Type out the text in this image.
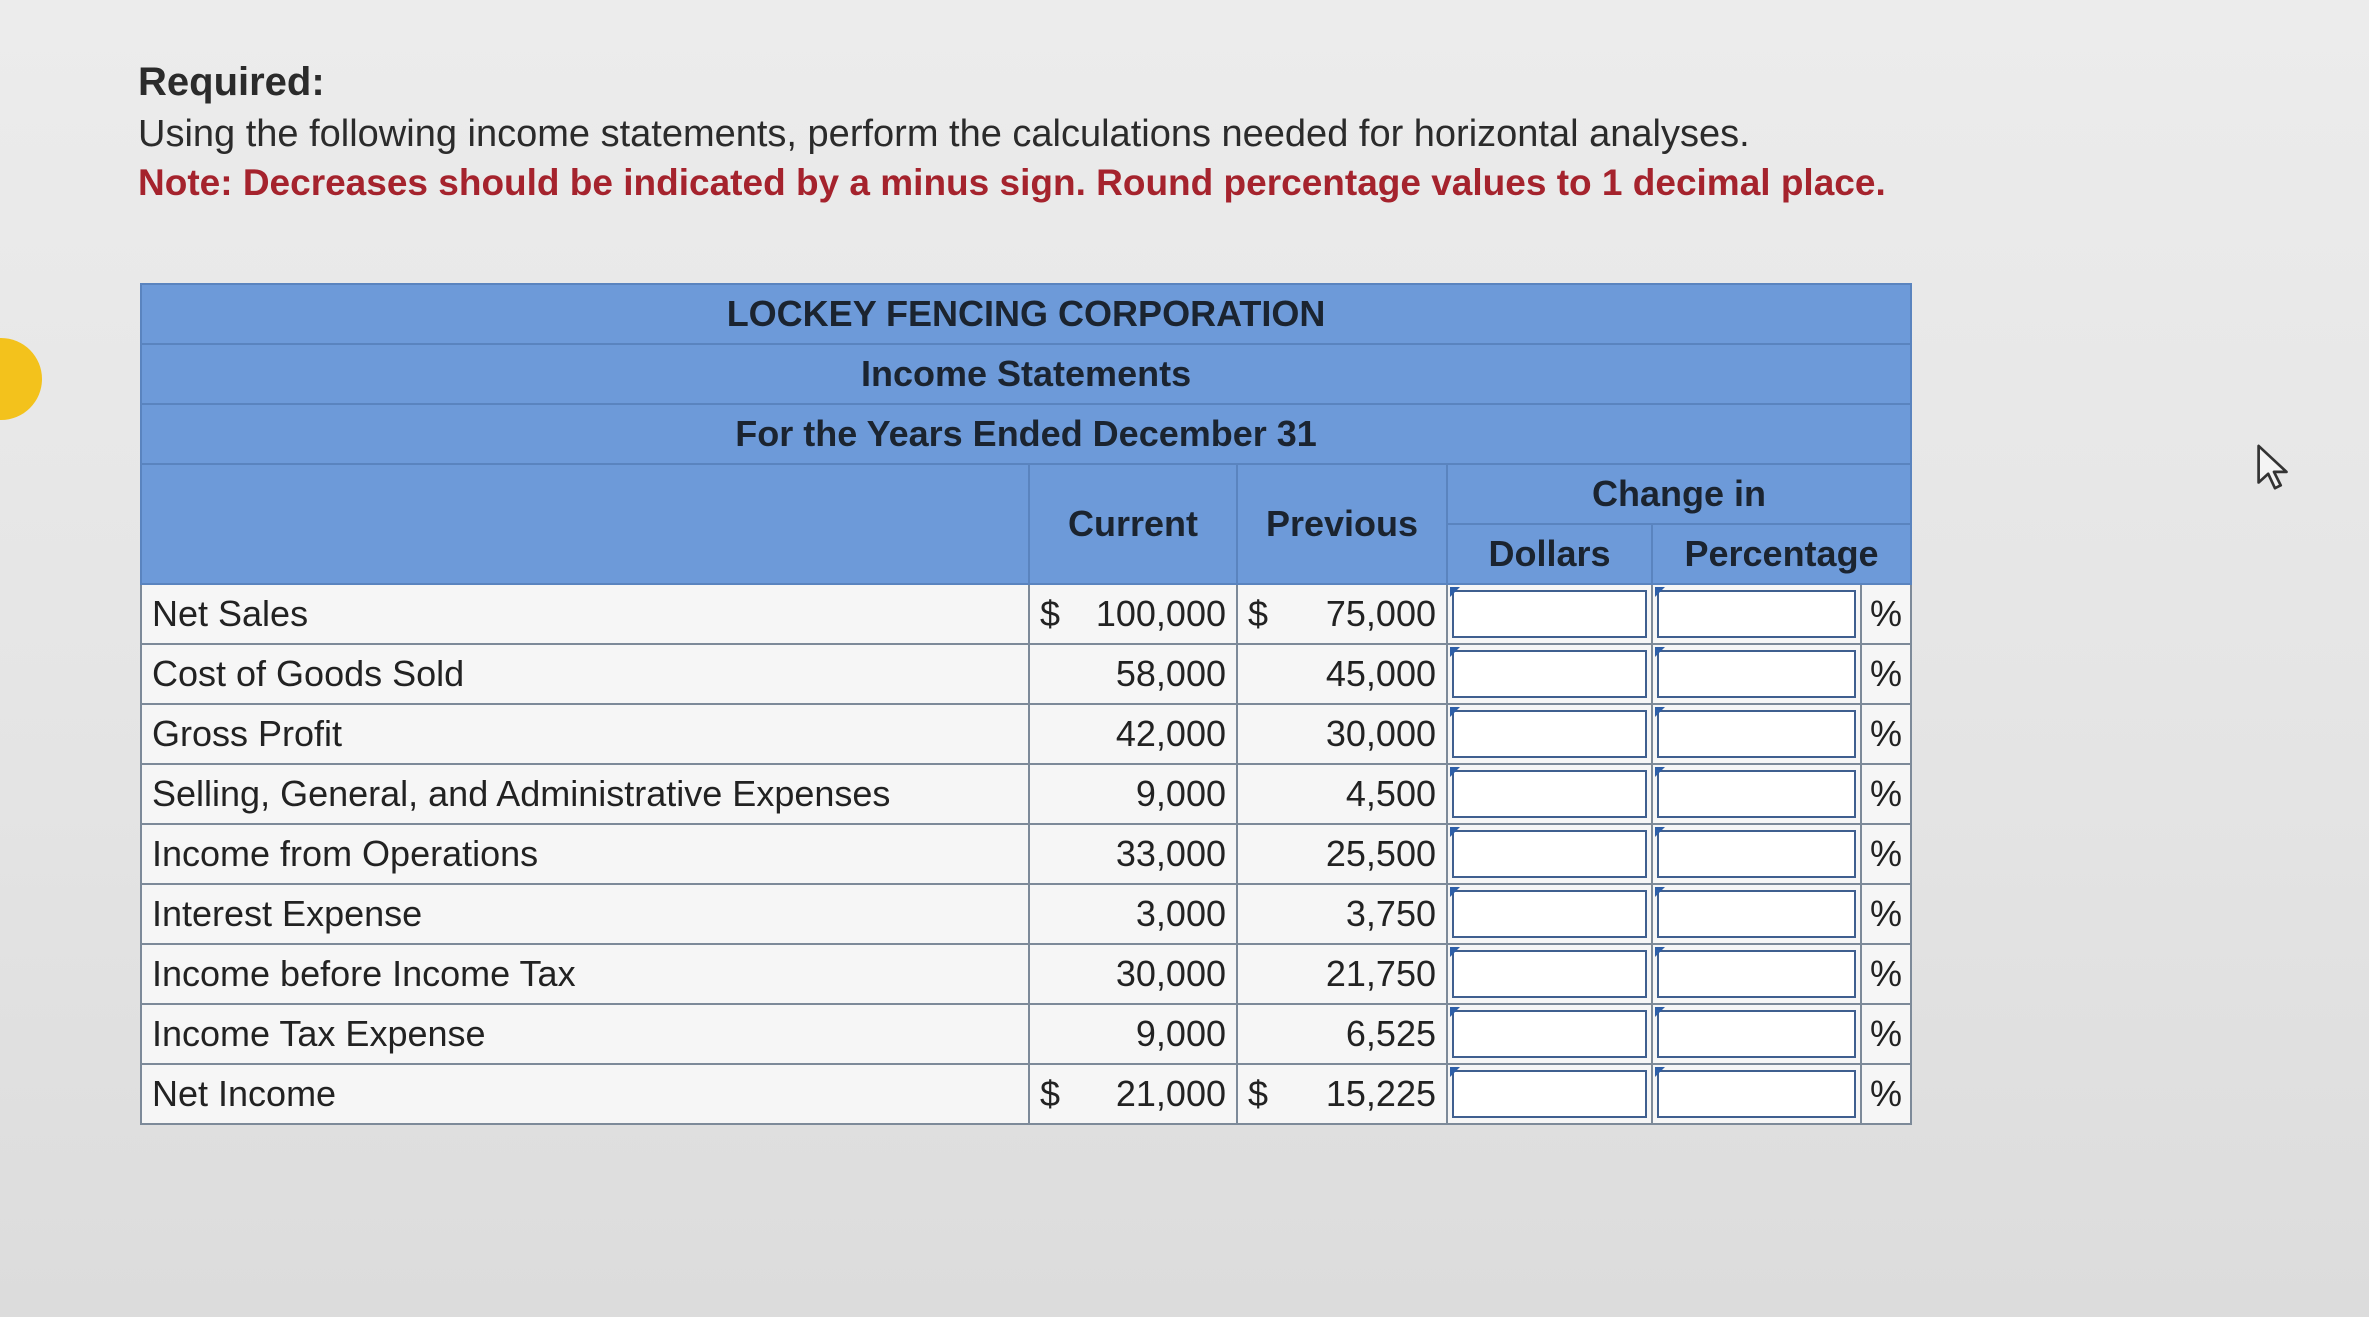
Required:

Using the following income statements, perform the calculations needed for horizontal analyses.

Note: Decreases should be indicated by a minus sign. Round percentage values to 1 decimal place.

LOCKEY FENCING CORPORATION					
Income Statements					
For the Years Ended December 31					
	Current	Previous	Change in		
			Dollars	Percentage	
Net Sales	$ 100,000	$ 75,000			%
Cost of Goods Sold	58,000	45,000			%
Gross Profit	42,000	30,000			%
Selling, General, and Administrative Expenses	9,000	4,500			%
Income from Operations	33,000	25,500			%
Interest Expense	3,000	3,750			%
Income before Income Tax	30,000	21,750			%
Income Tax Expense	9,000	6,525			%
Net Income	$ 21,000	$ 15,225			%
